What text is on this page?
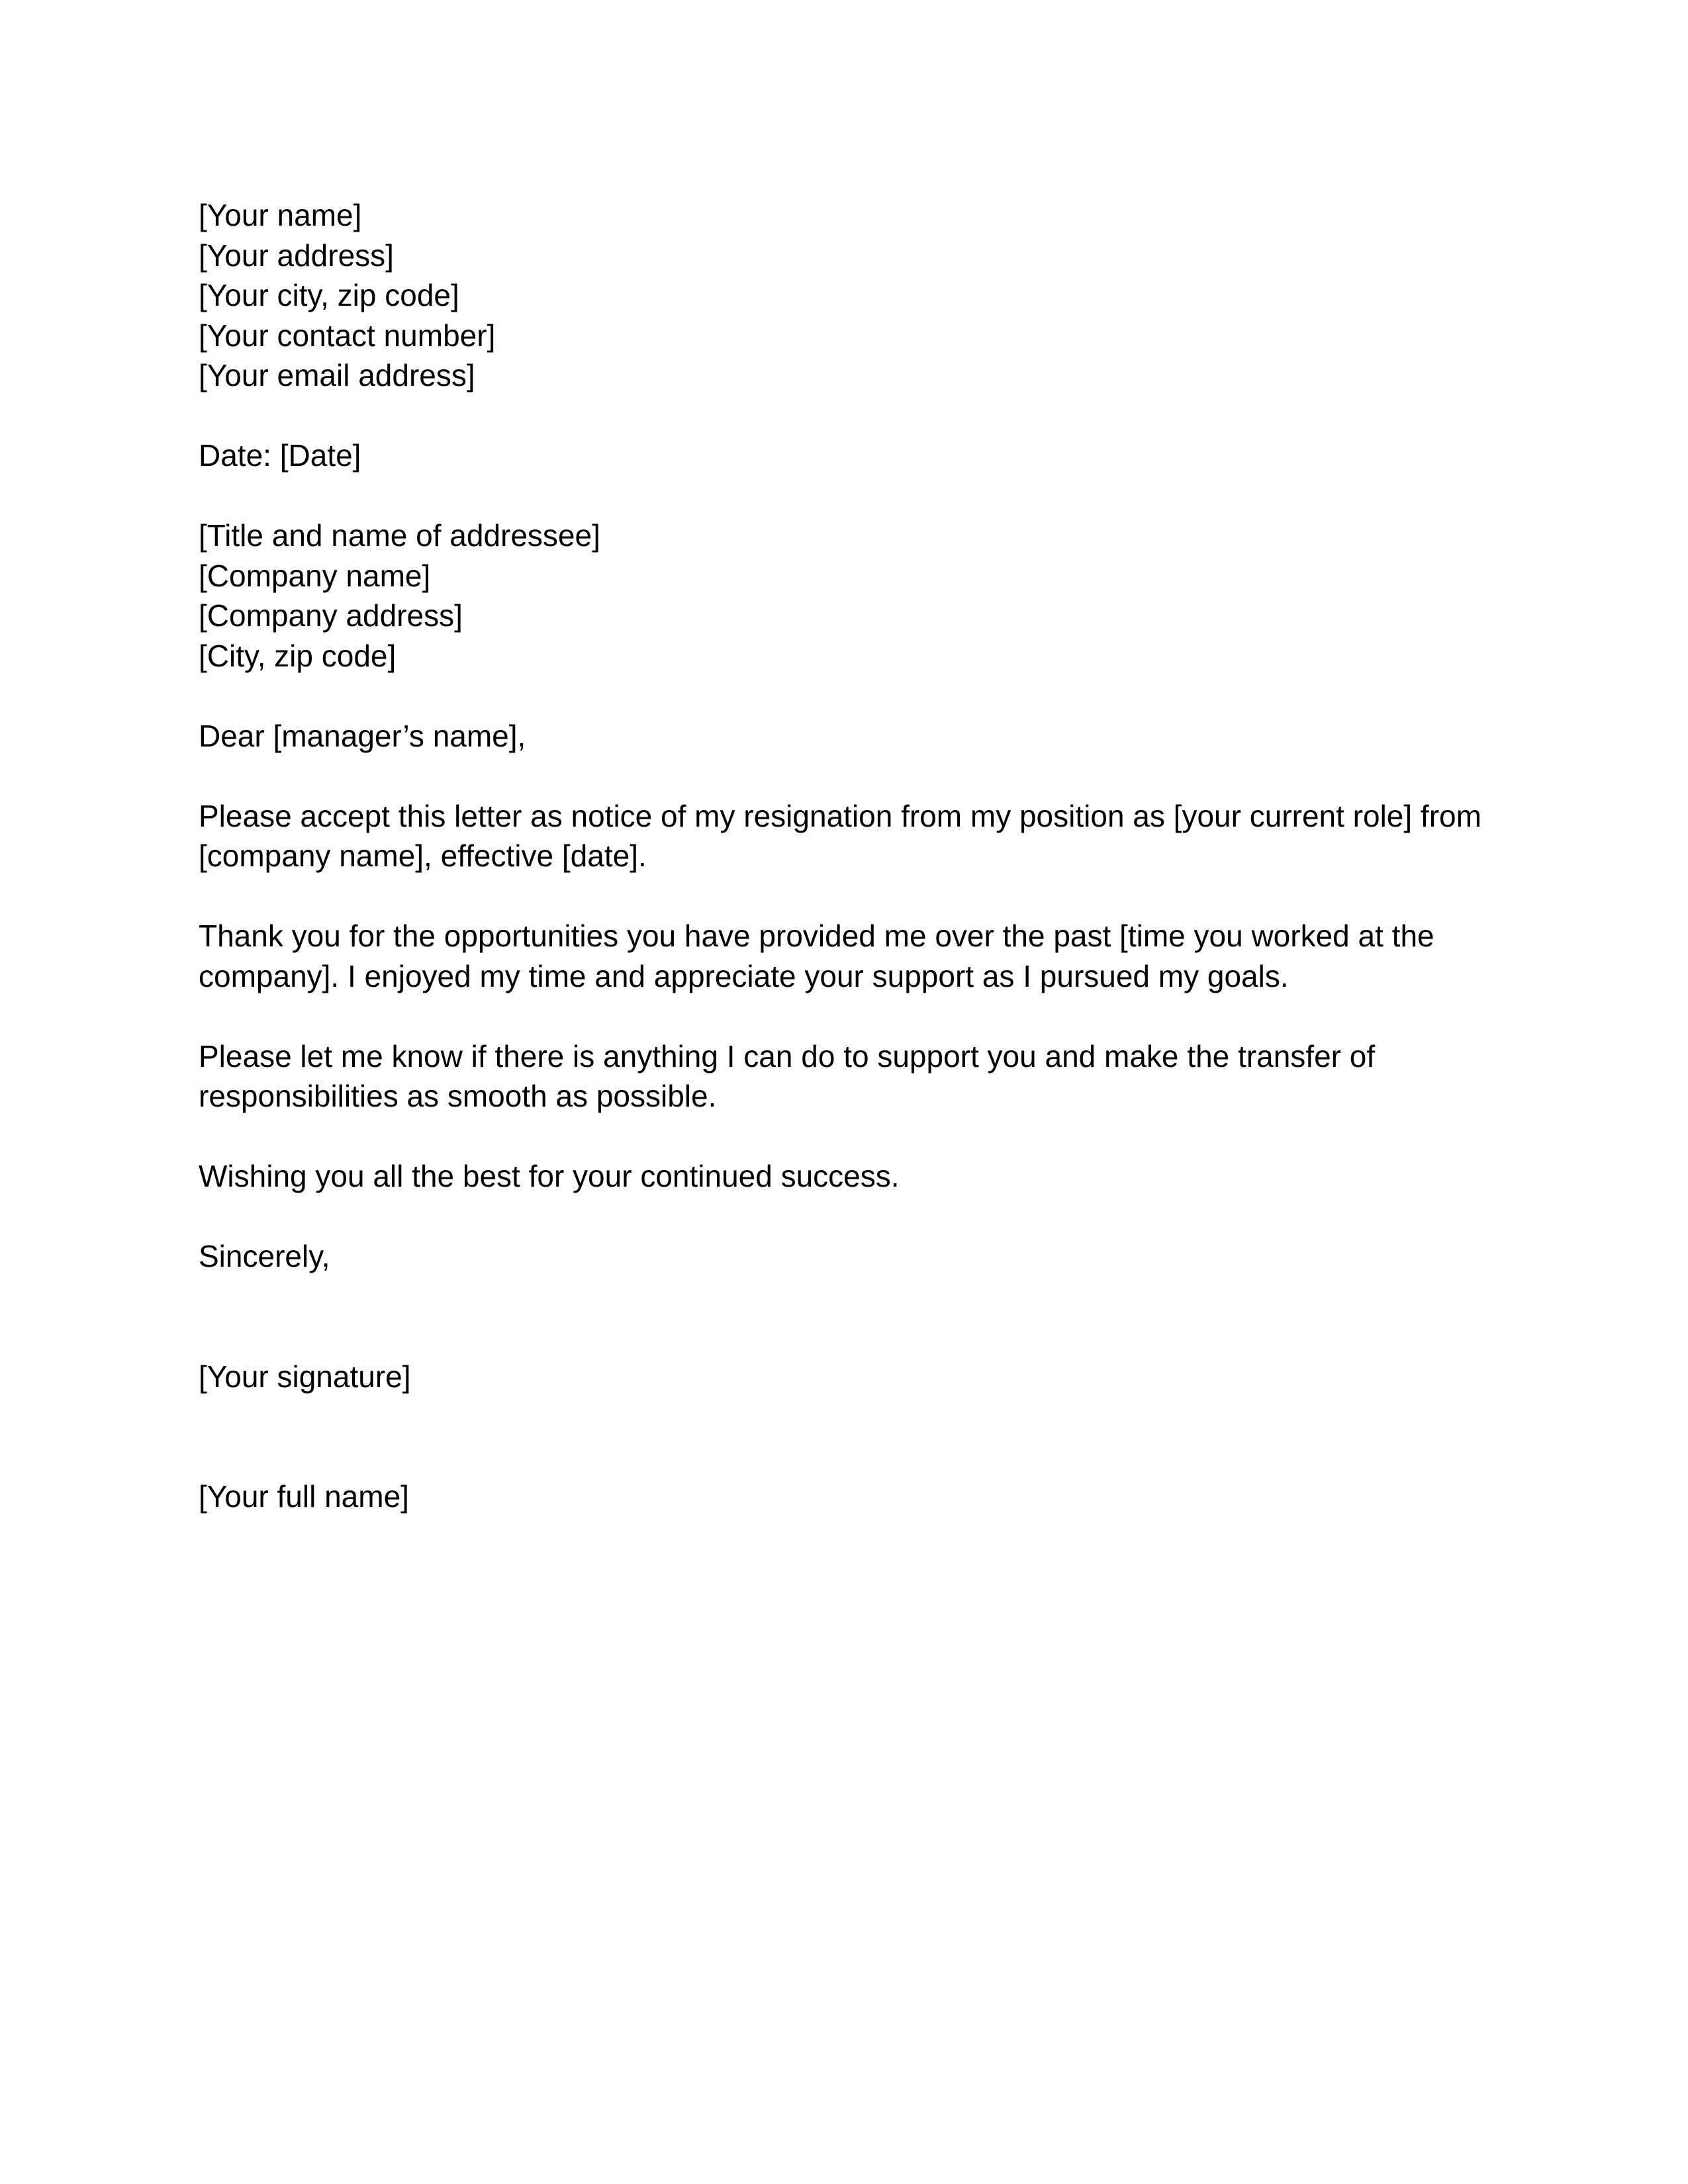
[Your name]
[Your address]
[Your city, zip code]
[Your contact number]
[Your email address]
Date: [Date]
[Title and name of addressee]
[Company name]
[Company address]
[City, zip code]
Dear [manager’s name],
Please accept this letter as notice of my resignation from my position as [your current role] from [company name], effective [date].
Thank you for the opportunities you have provided me over the past [time you worked at the company]. I enjoyed my time and appreciate your support as I pursued my goals.
Please let me know if there is anything I can do to support you and make the transfer of responsibilities as smooth as possible.
Wishing you all the best for your continued success.
Sincerely,
[Your signature]
[Your full name]
